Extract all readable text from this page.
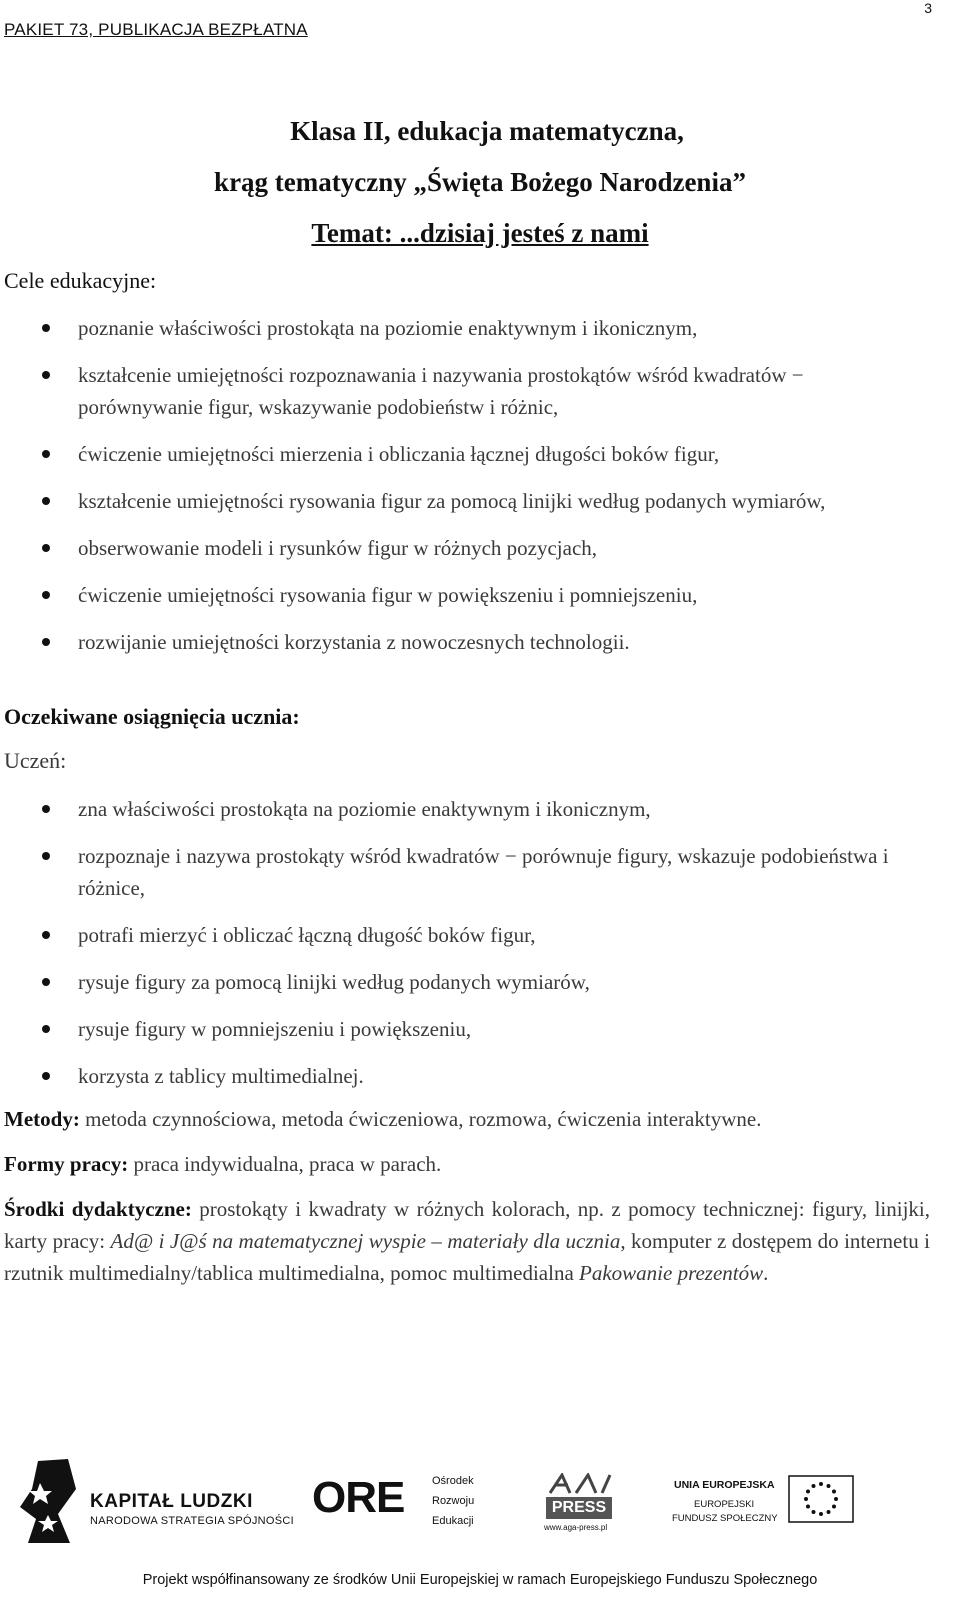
PAKIET 73, PUBLIKACJA BEZPŁATNA
3
Klasa II, edukacja matematyczna,
krąg tematyczny „Święta Bożego Narodzenia”
Temat: ...dzisiaj jesteś z nami
Cele edukacyjne:
poznanie właściwości prostokąta na poziomie enaktywnym i ikonicznym,
kształcenie umiejętności rozpoznawania i nazywania prostokątów wśród kwadratów − porównywanie figur, wskazywanie podobieństw i różnic,
ćwiczenie umiejętności mierzenia i obliczania łącznej długości boków figur,
kształcenie umiejętności rysowania figur za pomocą linijki według podanych wymiarów,
obserwowanie modeli i rysunków figur w różnych pozycjach,
ćwiczenie umiejętności rysowania figur w powiększeniu i pomniejszeniu,
rozwijanie umiejętności korzystania z nowoczesnych technologii.
Oczekiwane osiągnięcia ucznia:
Uczeń:
zna właściwości prostokąta na poziomie enaktywnym i ikonicznym,
rozpoznaje i nazywa prostokąty wśród kwadratów − porównuje figury, wskazuje podobieństwa i różnice,
potrafi mierzyć i obliczać łączną długość boków figur,
rysuje figury za pomocą linijki według podanych wymiarów,
rysuje figury w pomniejszeniu i powiększeniu,
korzysta z tablicy multimedialnej.
Metody: metoda czynnościowa, metoda ćwiczeniowa, rozmowa, ćwiczenia interaktywne.
Formy pracy: praca indywidualna, praca w parach.
Środki dydaktyczne: prostokąty i kwadraty w różnych kolorach, np. z pomocy technicznej: figury, linijki, karty pracy: Ad@ i J@ś na matematycznej wyspie – materiały dla ucznia, komputer z dostępem do internetu i rzutnik multimedialny/tablica multimedialna, pomoc multimedialna Pakowanie prezentów.
KAPITAŁ LUDZKI
NARODOWA STRATEGIA SPÓJNOŚCI ORE	Ośrodek
Rozwoju
Edukacji
PRESS
www.aga-press.pl
UNIA EUROPEJSKA
EUROPEJSKI
FUNDUSZ SPOŁECZNY
Projekt współfinansowany ze środków Unii Europejskiej w ramach Europejskiego Funduszu Społecznego
